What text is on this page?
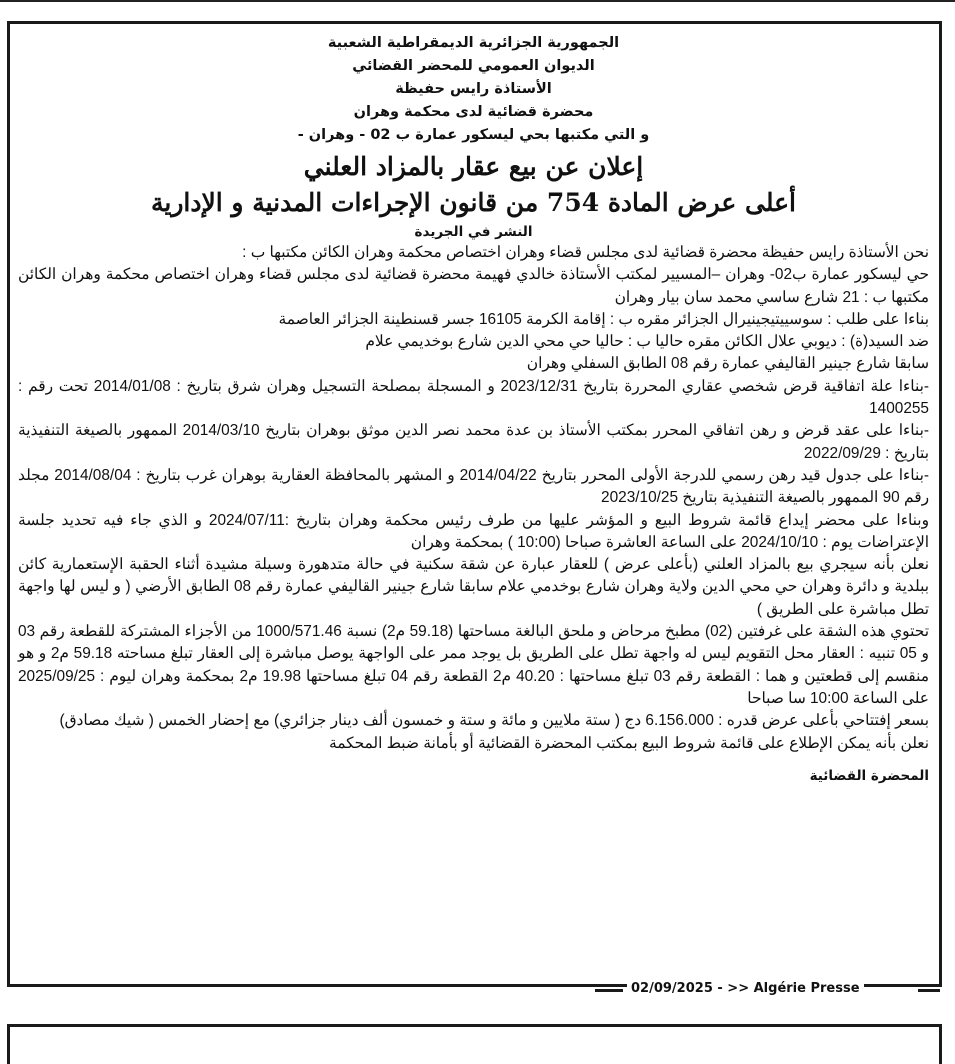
الجمهورية الجزائرية الديمقراطية الشعبية
الديوان العمومي للمحضر القضائي
الأستاذة رايس حفيظة
محضرة قضائية لدى محكمة وهران
و التي مكتبها بحي ليسكور عمارة ب 02 - وهران -
إعلان عن بيع عقار بالمزاد العلني
أعلى عرض المادة 754 من قانون الإجراءات المدنية و الإدارية
النشر في الجريدة

نحن الأستاذة رايس حفيظة محضرة قضائية لدى مجلس قضاء وهران اختصاص محكمة وهران الكائن مكتبها ب :

حي ليسكور عمارة ب02- وهران –المسيير لمكتب الأستاذة خالدي فهيمة محضرة قضائية لدى مجلس قضاء وهران اختصاص محكمة وهران الكائن مكتبها ب : 21 شارع ساسي محمد سان بيار وهران

بناءا على طلب : سوسييتيجينيرال الجزائر مقره ب : إقامة الكرمة 16105 جسر قسنطينة الجزائر العاصمة

ضد السيد(ة) : ديوبي علال الكائن مقره حاليا ب : حاليا حي محي الدين شارع بوخديمي علام

سابقا شارع جينير القاليفي عمارة رقم 08 الطابق السفلي وهران

-بناءا علة اتفاقية قرض شخصي عقاري المحررة بتاريخ 2023/12/31 و المسجلة بمصلحة التسجيل وهران شرق بتاريخ : 2014/01/08 تحت رقم : 1400255

-بناءا على عقد قرض و رهن اتفاقي المحرر بمكتب الأستاذ بن عدة محمد نصر الدين موثق بوهران بتاريخ 2014/03/10 الممهور بالصيغة التنفيذية بتاريخ : 2022/09/29

-بناءا على جدول قيد رهن رسمي للدرجة الأولى المحرر بتاريخ 2014/04/22 و المشهر بالمحافظة العقارية بوهران غرب بتاريخ : 2014/08/04 مجلد رقم 90 الممهور بالصيغة التنفيذية بتاريخ 2023/10/25

وبناءا على محضر إيداع قائمة شروط البيع و المؤشر عليها من طرف رئيس محكمة وهران بتاريخ :2024/07/11 و الذي جاء فيه تحديد جلسة الإعتراضات يوم : 2024/10/10 على الساعة العاشرة صباحا (10:00 ) بمحكمة وهران

نعلن بأنه سيجري بيع بالمزاد العلني (بأعلى عرض ) للعقار عبارة عن شقة سكنية في حالة متدهورة وسيلة مشيدة أثناء الحقبة الإستعمارية كائن ببلدية و دائرة وهران حي محي الدين ولاية وهران شارع بوخدمي علام سابقا شارع جينير القاليفي عمارة رقم 08 الطابق الأرضي ( و ليس لها واجهة تطل مباشرة على الطريق )

تحتوي هذه الشقة على غرفتين (02) مطبخ مرحاض و ملحق البالغة مساحتها (59.18 م2) نسبة 1000/571.46 من الأجزاء المشتركة للقطعة رقم 03 و 05 تنبيه : العقار محل التقويم ليس له واجهة تطل على الطريق بل يوجد ممر على الواجهة يوصل مباشرة إلى العقار تبلغ مساحته 59.18 م2 و هو منقسم إلى قطعتين و هما : القطعة رقم 03 تبلغ مساحتها : 40.20 م2 القطعة رقم 04 تبلغ مساحتها 19.98 م2 بمحكمة وهران ليوم : 2025/09/25 على الساعة 10:00 سا صباحا

بسعر إفتتاحي بأعلى عرض قدره : 6.156.000 دج ( ستة ملايين و مائة و ستة و خمسون ألف دينار جزائري) مع إحضار الخمس ( شيك مصادق)

نعلن بأنه يمكن الإطلاع على قائمة شروط البيع بمكتب المحضرة القضائية أو بأمانة ضبط المحكمة

المحضرة القضائية
02/09/2025 - >> Algérie Presse
